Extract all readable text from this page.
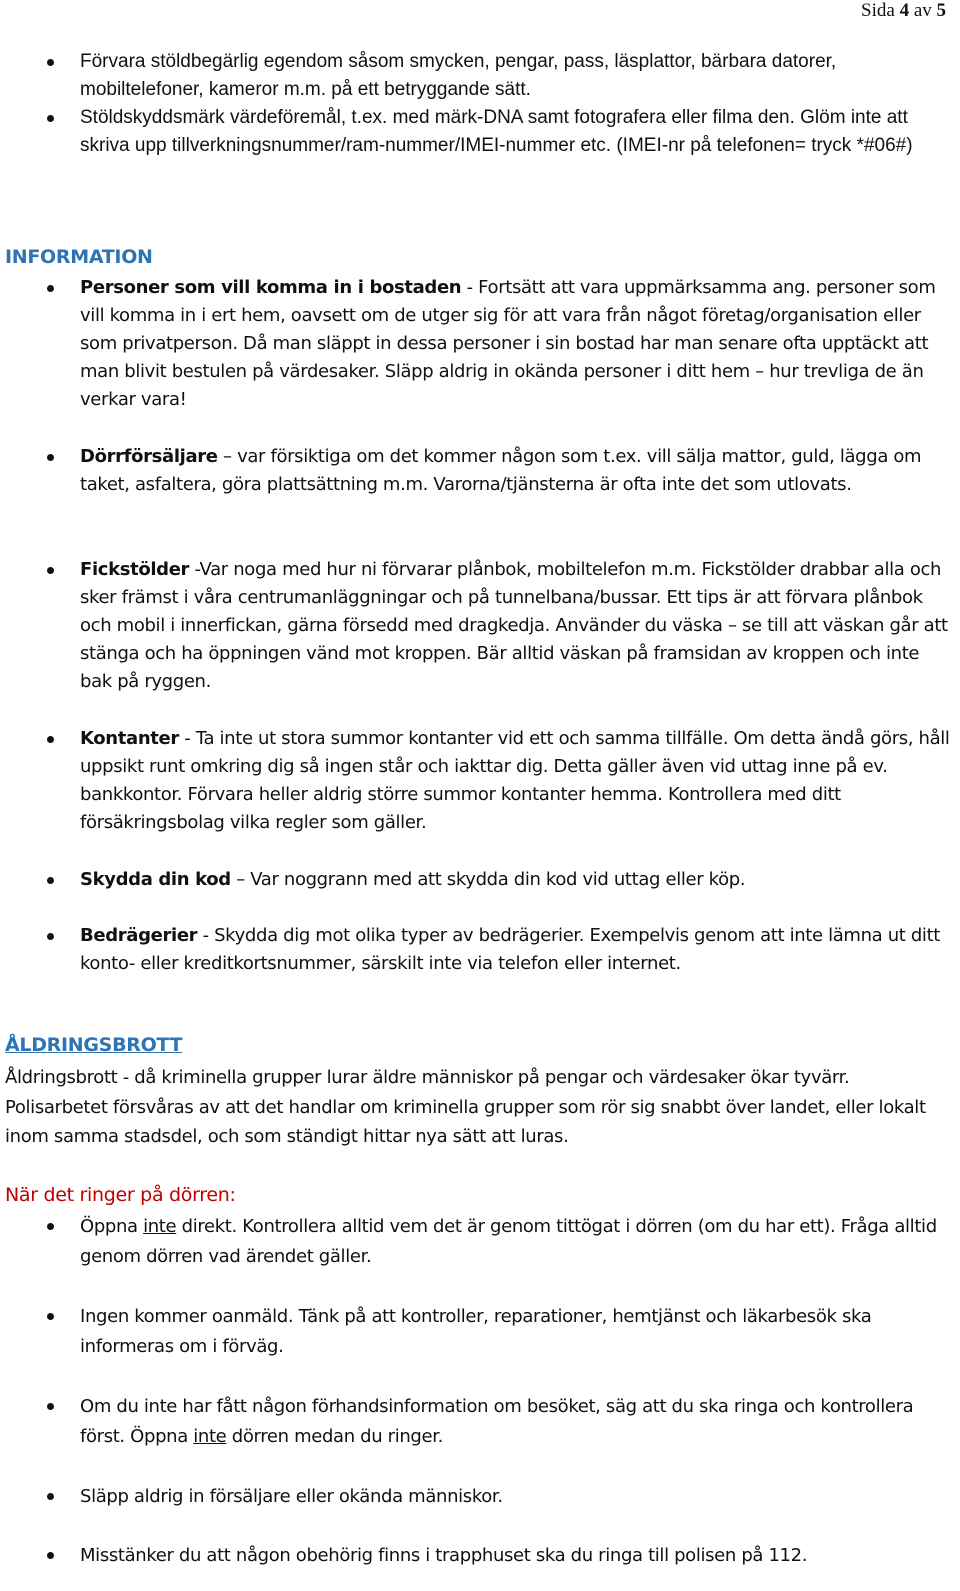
Sida 4 av 5
Förvara stöldbegärlig egendom såsom smycken, pengar, pass, läsplattor, bärbara datorer, mobiltelefoner, kameror m.m. på ett betryggande sätt.
Stöldskyddsmärk värdeföremål, t.ex. med märk-DNA samt fotografera eller filma den. Glöm inte att skriva upp tillverkningsnummer/ram-nummer/IMEI-nummer etc. (IMEI-nr på telefonen= tryck *#06#)
INFORMATION
Personer som vill komma in i bostaden - Fortsätt att vara uppmärksamma ang. personer som vill komma in i ert hem, oavsett om de utger sig för att vara från något företag/organisation eller som privatperson. Då man släppt in dessa personer i sin bostad har man senare ofta upptäckt att man blivit bestulen på värdesaker. Släpp aldrig in okända personer i ditt hem – hur trevliga de än verkar vara!
Dörrförsäljare – var försiktiga om det kommer någon som t.ex. vill sälja mattor, guld, lägga om taket, asfaltera, göra plattsättning m.m. Varorna/tjänsterna är ofta inte det som utlovats.
Fickstölder -Var noga med hur ni förvarar plånbok, mobiltelefon m.m. Fickstölder drabbar alla och sker främst i våra centrumanläggningar och på tunnelbana/bussar. Ett tips är att förvara plånbok och mobil i innerfickan, gärna försedd med dragkedja. Använder du väska – se till att väskan går att stänga och ha öppningen vänd mot kroppen. Bär alltid väskan på framsidan av kroppen och inte bak på ryggen.
Kontanter - Ta inte ut stora summor kontanter vid ett och samma tillfälle. Om detta ändå görs, håll uppsikt runt omkring dig så ingen står och iakttar dig. Detta gäller även vid uttag inne på ev. bankkontor. Förvara heller aldrig större summor kontanter hemma. Kontrollera med ditt försäkringsbolag vilka regler som gäller.
Skydda din kod – Var noggrann med att skydda din kod vid uttag eller köp.
Bedrägerier - Skydda dig mot olika typer av bedrägerier. Exempelvis genom att inte lämna ut ditt konto- eller kreditkortsnummer, särskilt inte via telefon eller internet.
ÅLDRINGSBROTT
Åldringsbrott - då kriminella grupper lurar äldre människor på pengar och värdesaker ökar tyvärr. Polisarbetet försvåras av att det handlar om kriminella grupper som rör sig snabbt över landet, eller lokalt inom samma stadsdel, och som ständigt hittar nya sätt att luras.
När det ringer på dörren:
Öppna inte direkt. Kontrollera alltid vem det är genom tittögat i dörren (om du har ett). Fråga alltid genom dörren vad ärendet gäller.
Ingen kommer oanmäld. Tänk på att kontroller, reparationer, hemtjänst och läkarbesök ska informeras om i förväg.
Om du inte har fått någon förhandsinformation om besöket, säg att du ska ringa och kontrollera först. Öppna inte dörren medan du ringer.
Släpp aldrig in försäljare eller okända människor.
Misstänker du att någon obehörig finns i trapphuset ska du ringa till polisen på 112.
